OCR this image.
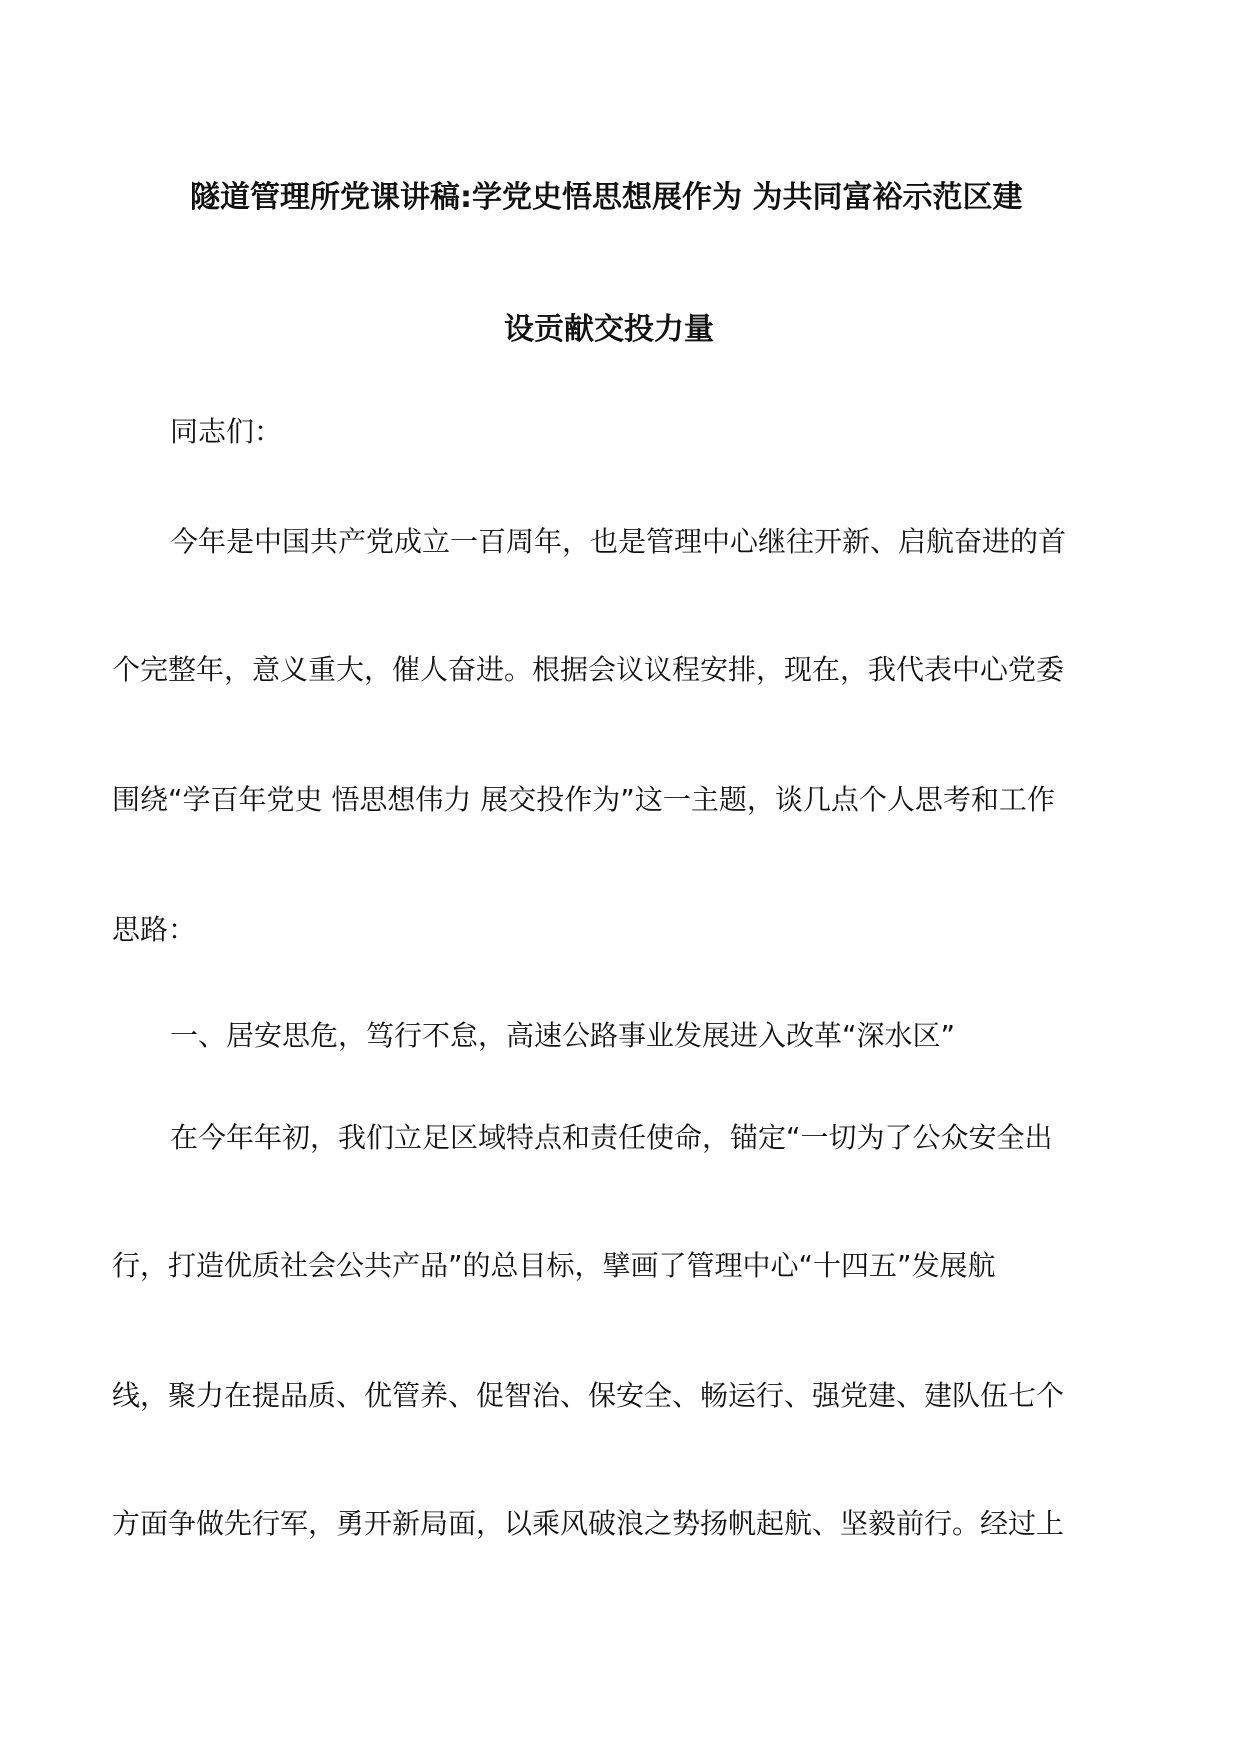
隧道管理所党课讲稿:学党史悟思想展作为 为共同富裕示范区建
设贡献交投力量
同志们：
今年是中国共产党成立一百周年，也是管理中心继往开新、启航奋进的首
个完整年，意义重大，催人奋进。根据会议议程安排，现在，我代表中心党委
围绕“学百年党史 悟思想伟力 展交投作为”这一主题，谈几点个人思考和工作
思路：
一、居安思危，笃行不怠，高速公路事业发展进入改革“深水区”
在今年年初，我们立足区域特点和责任使命，锚定“一切为了公众安全出
行，打造优质社会公共产品”的总目标，擘画了管理中心“十四五”发展航
线，聚力在提品质、优管养、促智治、保安全、畅运行、强党建、建队伍七个
方面争做先行军，勇开新局面，以乘风破浪之势扬帆起航、坚毅前行。经过上
